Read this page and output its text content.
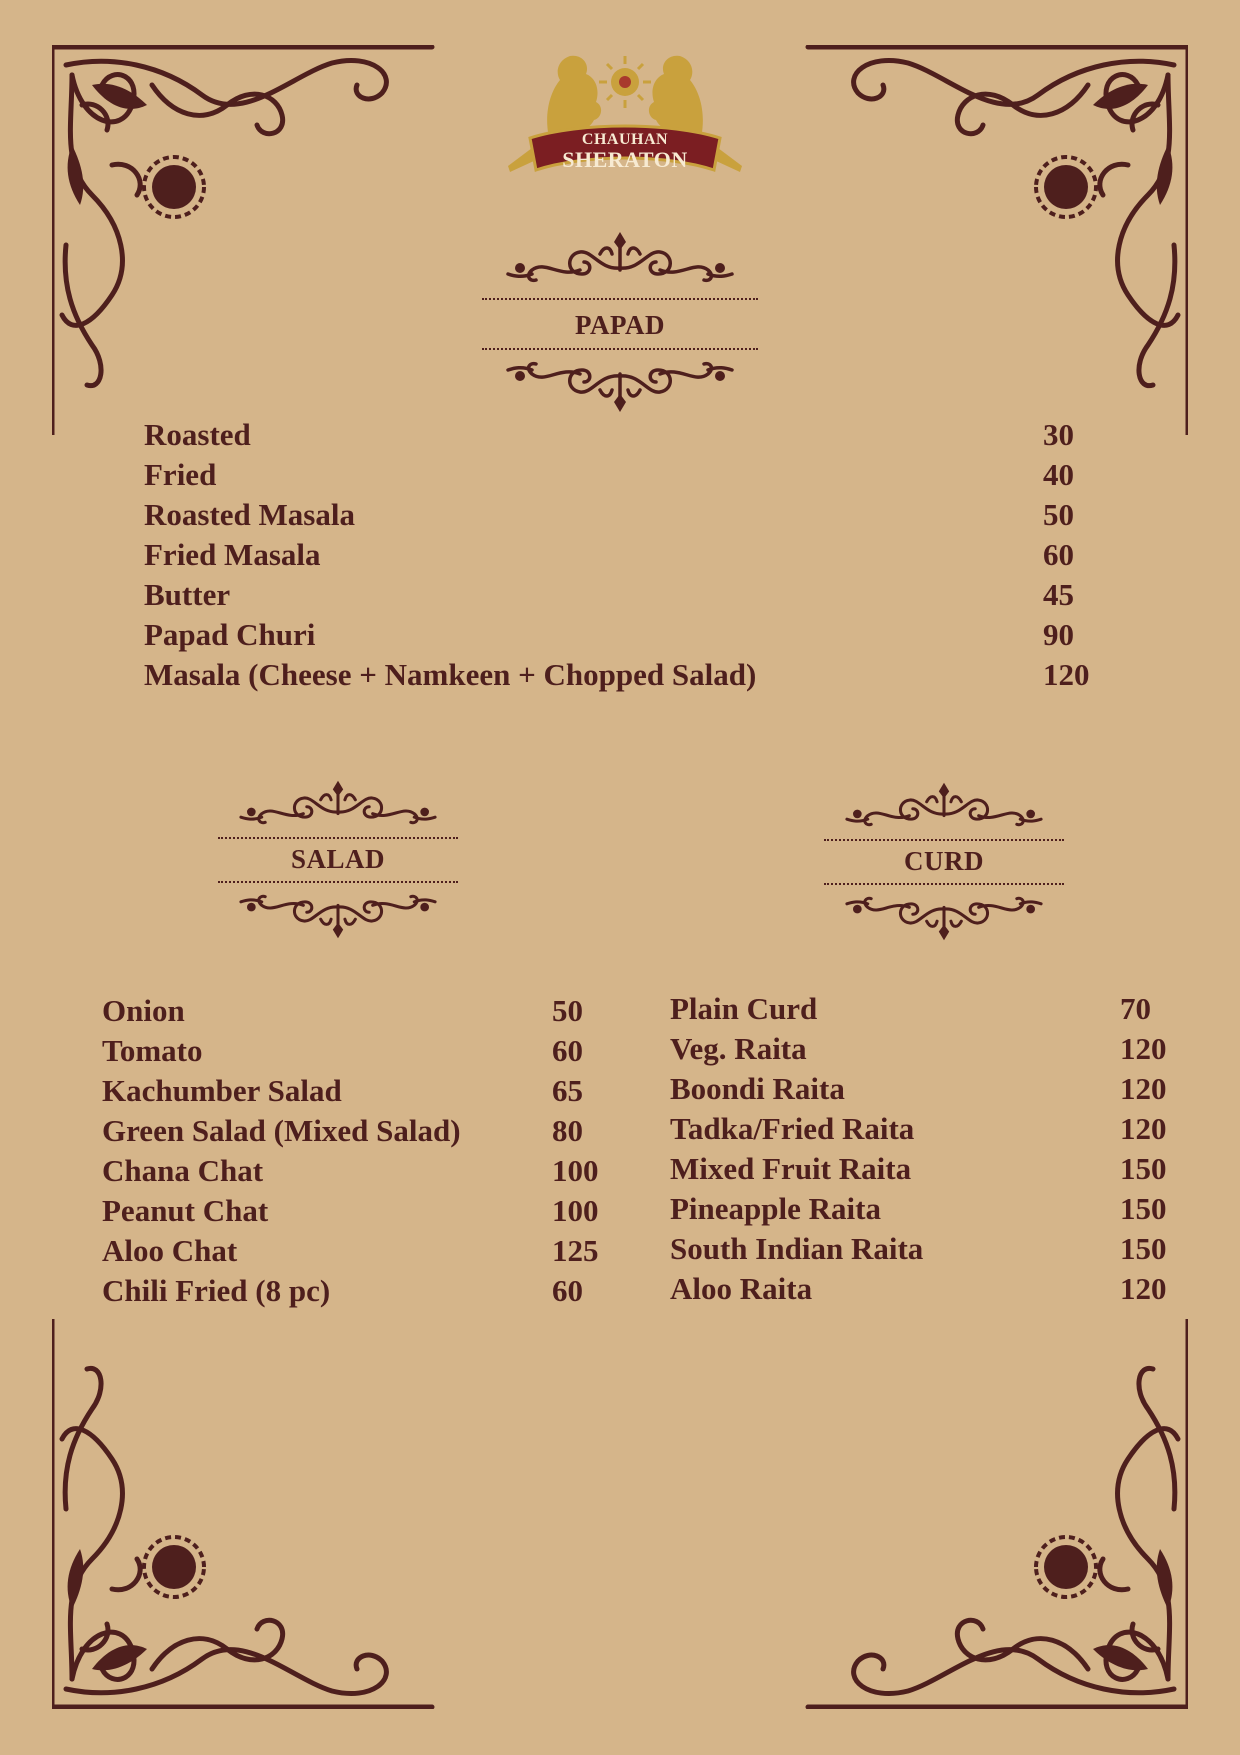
CHAUHAN
SHERATON
PAPAD
SALAD	CURD
Roasted	30
Fried	40
Roasted Masala	50
Fried Masala	60
Butter	45
Papad Churi	90
Masala (Cheese + Namkeen + Chopped Salad)	120
Onion	50
Tomato	60
Kachumber Salad	65
Green Salad (Mixed Salad)	80
Chana Chat	100
Peanut Chat	100
Aloo Chat	125
Chili Fried (8 pc)	60
Plain Curd	70
Veg. Raita	120
Boondi Raita	120
Tadka/Fried Raita	120
Mixed Fruit Raita	150
Pineapple Raita	150
South Indian Raita	150
Aloo Raita	120
